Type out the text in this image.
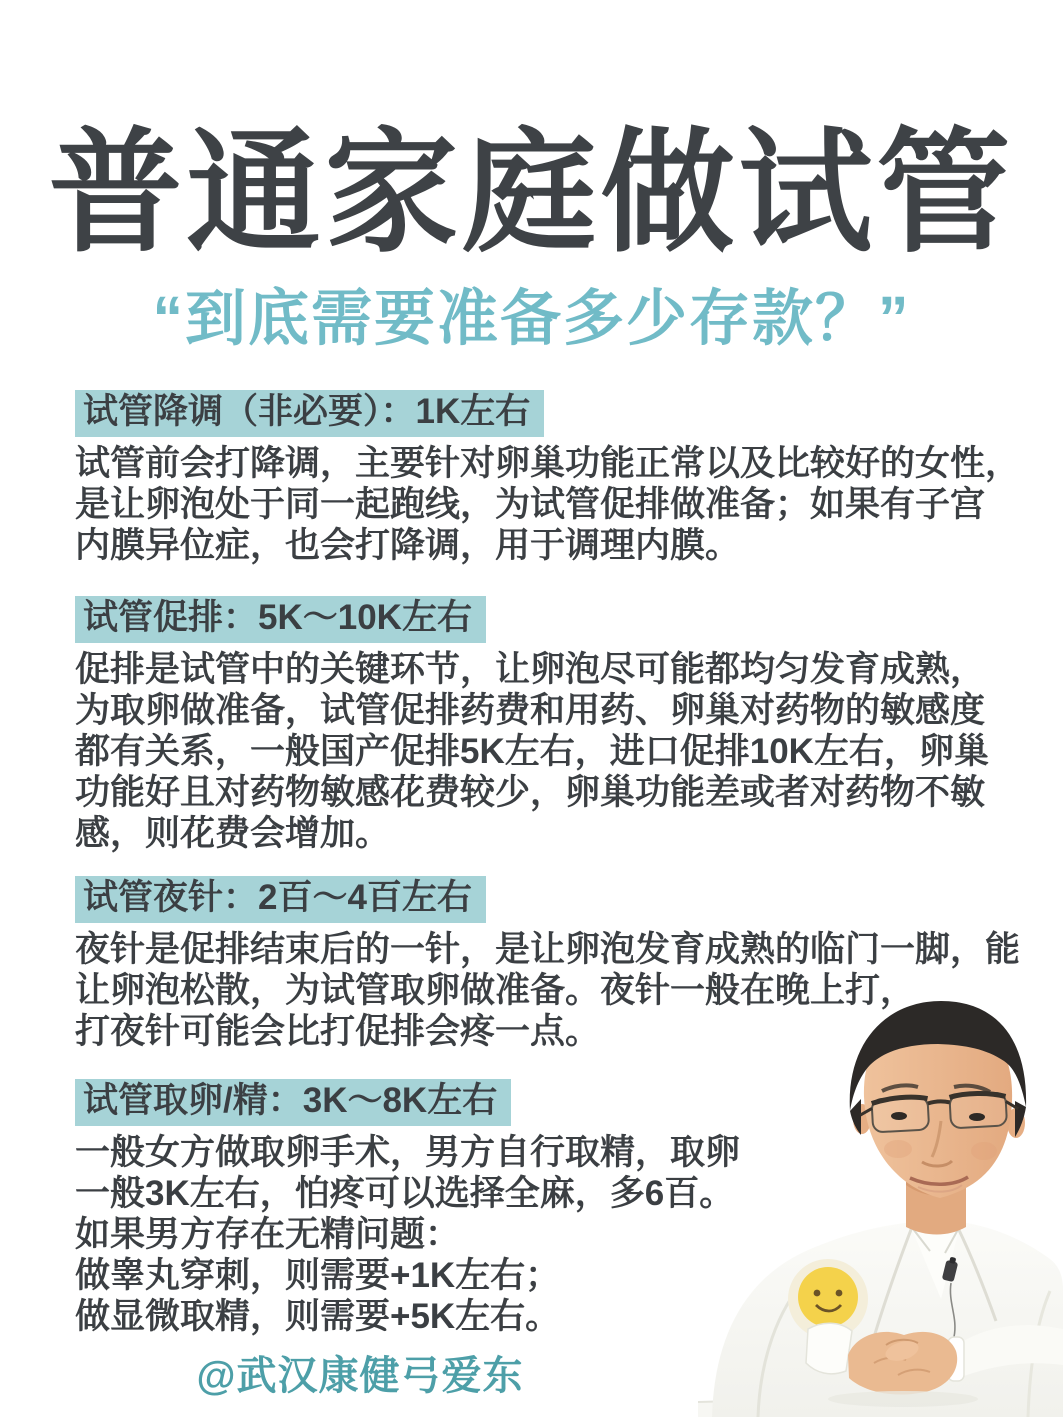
普通家庭做试管
“到底需要准备多少存款？”
试管降调（非必要）：1K左右
试管前会打降调，主要针对卵巢功能正常以及比较好的女性，
是让卵泡处于同一起跑线，为试管促排做准备；如果有子宫
内膜异位症，也会打降调，用于调理内膜。
试管促排：5K～10K左右
促排是试管中的关键环节，让卵泡尽可能都均匀发育成熟，
为取卵做准备，试管促排药费和用药、卵巢对药物的敏感度
都有关系，一般国产促排5K左右，进口促排10K左右，卵巢
功能好且对药物敏感花费较少，卵巢功能差或者对药物不敏
感，则花费会增加。
试管夜针：2百～4百左右
夜针是促排结束后的一针，是让卵泡发育成熟的临门一脚，能
让卵泡松散，为试管取卵做准备。夜针一般在晚上打，
打夜针可能会比打促排会疼一点。
试管取卵/精：3K～8K左右
一般女方做取卵手术，男方自行取精，取卵
一般3K左右，怕疼可以选择全麻，多6百。
如果男方存在无精问题：
做睾丸穿刺，则需要+1K左右；
做显微取精，则需要+5K左右。
@武汉康健弓爱东
